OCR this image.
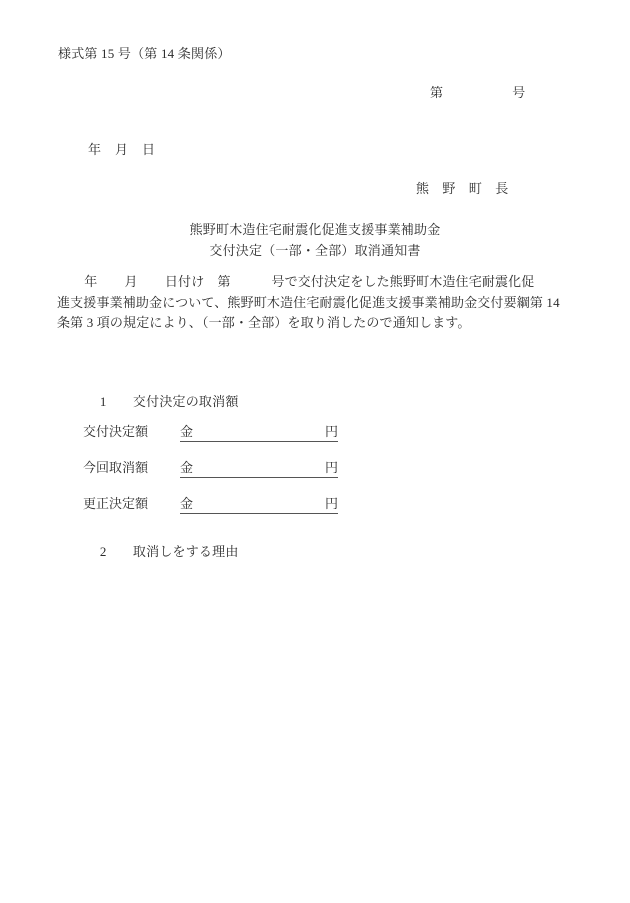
様式第 15 号（第 14 条関係）
第                    号
年    月    日
熊　野　町　長
熊野町木造住宅耐震化促進支援事業補助金
交付決定（一部・全部）取消通知書
年        月        日付け　第            号で交付決定をした熊野町木造住宅耐震化促
進支援事業補助金について、熊野町木造住宅耐震化促進支援事業補助金交付要綱第 14
条第 3 項の規定により、（一部・全部）を取り消したので通知します。

1　　 交付決定の取消額

交付決定額	金	円
今回取消額	金	円
更正決定額	金	円

2　　 取消しをする理由
